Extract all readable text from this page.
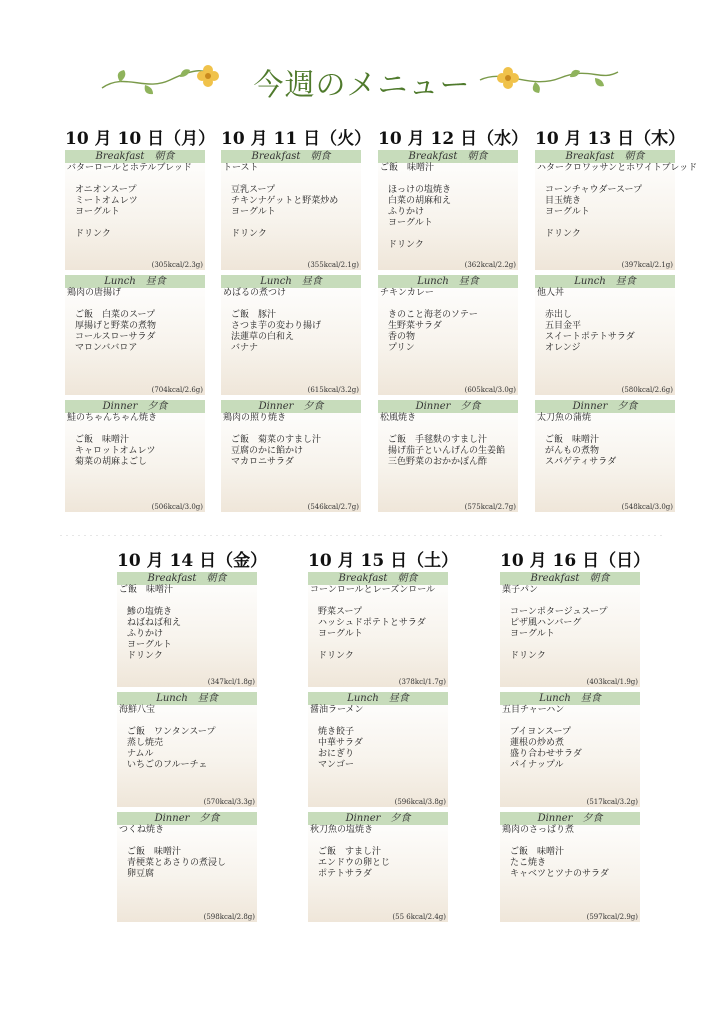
今週のメニュー
10 月 10 日（月）
Breakfast　朝食
バターロールとホテルブレッド
オニオンスープ
ミートオムレツ
ヨーグルト
ドリンク
(305kcal/2.3g)
Lunch　昼食
鶏肉の唐揚げ
ご飯　白菜のスープ
厚揚げと野菜の煮物
コールスローサラダ
マロンババロア
(704kcal/2.6g)
Dinner　夕食
鮭のちゃんちゃん焼き
ご飯　味噌汁
キャロットオムレツ
菊菜の胡麻よごし
(506kcal/3.0g)
10 月 11 日（火）
Breakfast　朝食
トースト
豆乳スープ
チキンナゲットと野菜炒め
ヨーグルト
ドリンク
(355kcal/2.1g)
Lunch　昼食
めばるの煮つけ
ご飯　豚汁
さつま芋の変わり揚げ
法蓮草の白和え
バナナ
(615kcal/3.2g)
Dinner　夕食
鶏肉の照り焼き
ご飯　菊菜のすまし汁
豆腐のかに餡かけ
マカロニサラダ
(546kcal/2.7g)
10 月 12 日（水）
Breakfast　朝食
ご飯　味噌汁
ほっけの塩焼き
白菜の胡麻和え
ふりかけ
ヨーグルト
ドリンク
(362kcal/2.2g)
Lunch　昼食
チキンカレー
きのこと海老のソテー
生野菜サラダ
香の物
プリン
(605kcal/3.0g)
Dinner　夕食
松風焼き
ご飯　手毬麩のすまし汁
揚げ茄子といんげんの生姜餡
三色野菜のおかかぽん酢
(575kcal/2.7g)
10 月 13 日（木）
Breakfast　朝食
ハタークロワッサンとホワイトブレッド
コーンチャウダースープ
目玉焼き
ヨーグルト
ドリンク
(397kcal/2.1g)
Lunch　昼食
他人丼
赤出し
五目金平
スイートポテトサラダ
オレンジ
(580kcal/2.6g)
Dinner　夕食
太刀魚の蒲焼
ご飯　味噌汁
がんもの煮物
スパゲティサラダ
(548kcal/3.0g)
10 月 14 日（金）
Breakfast　朝食
ご飯　味噌汁
鯵の塩焼き
ねばねば和え
ふりかけ
ヨーグルト
ドリンク
(347kcl/1.8g)
Lunch　昼食
海鮮八宝
ご飯　ワンタンスープ
蒸し焼売
ナムル
いちごのフルーチェ
(570kcal/3.3g)
Dinner　夕食
つくね焼き
ご飯　味噌汁
青梗菜とあさりの煮浸し
卵豆腐
(598kcal/2.8g)
10 月 15 日（土）
Breakfast　朝食
コーンロールとレーズンロール
野菜スープ
ハッシュドポテトとサラダ
ヨーグルト
ドリンク
(378kcl/1.7g)
Lunch　昼食
醤油ラーメン
焼き餃子
中華サラダ
おにぎり
マンゴー
(596kcal/3.8g)
Dinner　夕食
秋刀魚の塩焼き
ご飯　すまし汁
エンドウの卵とじ
ポテトサラダ
(55 6kcal/2.4g)
10 月 16 日（日）
Breakfast　朝食
菓子パン
コーンポタージュスープ
ピザ風ハンバーグ
ヨーグルト
ドリンク
(403kcal/1.9g)
Lunch　昼食
五目チャーハン
ブイヨンスープ
蓮根の炒め煮
盛り合わせサラダ
パイナップル
(517kcal/3.2g)
Dinner　夕食
鶏肉のさっぱり煮
ご飯　味噌汁
たこ焼き
キャベツとツナのサラダ
(597kcal/2.9g)
